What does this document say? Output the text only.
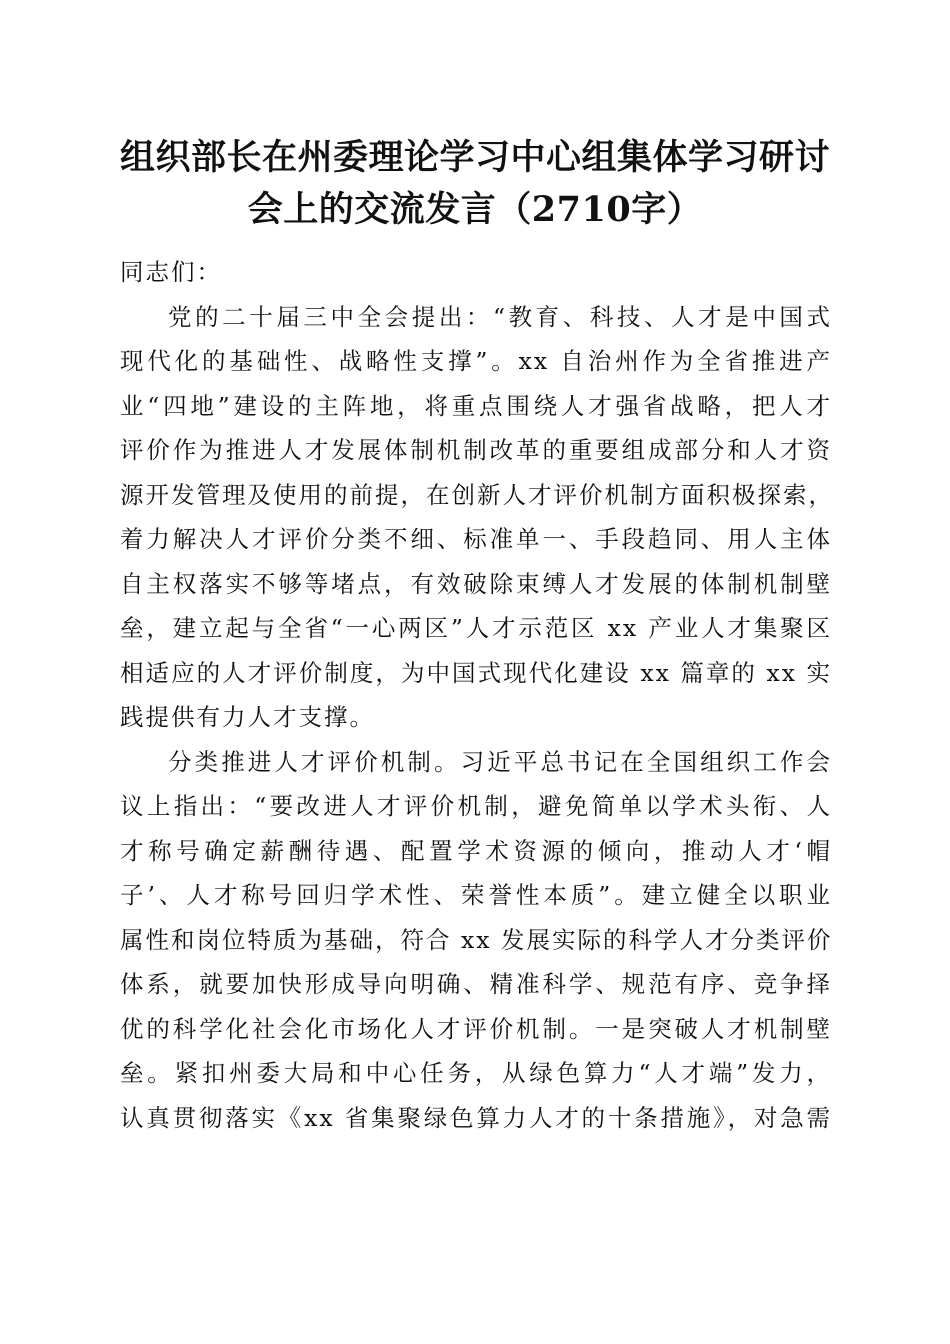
组织部长在州委理论学习中心组集体学习研讨
会上的交流发言（2710字）
同志们：
党的二十届三中全会提出：“教育、科技、人才是中国式
现代化的基础性、战略性支撑”。xx 自治州作为全省推进产
业“四地”建设的主阵地，将重点围绕人才强省战略，把人才
评价作为推进人才发展体制机制改革的重要组成部分和人才资
源开发管理及使用的前提，在创新人才评价机制方面积极探索，
着力解决人才评价分类不细、标准单一、手段趋同、用人主体
自主权落实不够等堵点，有效破除束缚人才发展的体制机制壁
垒，建立起与全省“一心两区”人才示范区 xx 产业人才集聚区
相适应的人才评价制度，为中国式现代化建设 xx 篇章的 xx 实
践提供有力人才支撑。
分类推进人才评价机制。习近平总书记在全国组织工作会
议上指出：“要改进人才评价机制，避免简单以学术头衔、人
才称号确定薪酬待遇、配置学术资源的倾向，推动人才‘帽
子’、人才称号回归学术性、荣誉性本质”。建立健全以职业
属性和岗位特质为基础，符合 xx 发展实际的科学人才分类评价
体系，就要加快形成导向明确、精准科学、规范有序、竞争择
优的科学化社会化市场化人才评价机制。一是突破人才机制壁
垒。紧扣州委大局和中心任务，从绿色算力“人才端”发力，
认真贯彻落实《xx 省集聚绿色算力人才的十条措施》，对急需
